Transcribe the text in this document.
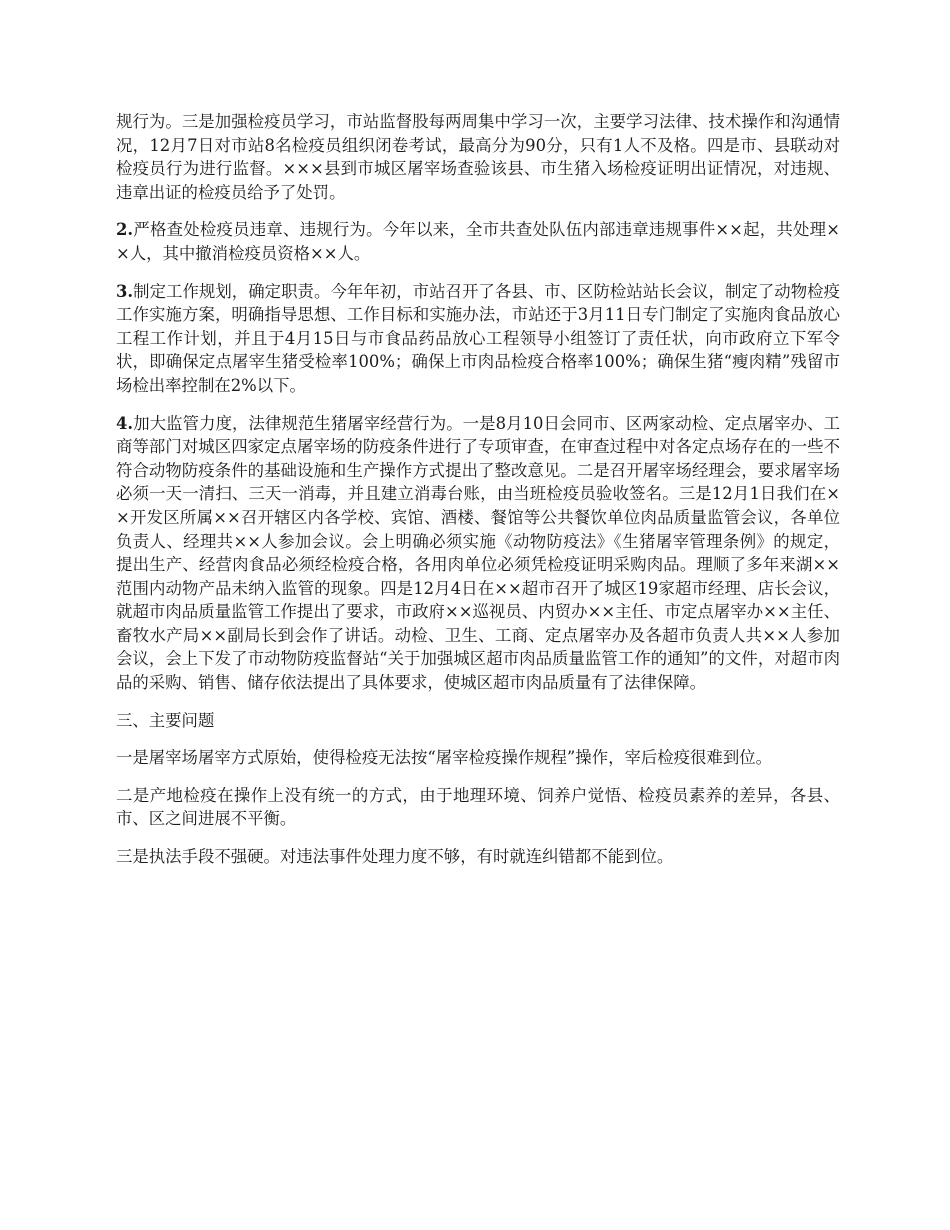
规行为。三是加强检疫员学习，市站监督股每两周集中学习一次，主要学习法律、技术操作和沟通情况，12月7日对市站8名检疫员组织闭卷考试，最高分为90分，只有1人不及格。四是市、县联动对检疫员行为进行监督。×××县到市城区屠宰场查验该县、市生猪入场检疫证明出证情况，对违规、违章出证的检疫员给予了处罚。

2.严格查处检疫员违章、违规行为。今年以来，全市共查处队伍内部违章违规事件××起，共处理××人，其中撤消检疫员资格××人。

3.制定工作规划，确定职责。今年年初，市站召开了各县、市、区防检站站长会议，制定了动物检疫工作实施方案，明确指导思想、工作目标和实施办法，市站还于3月11日专门制定了实施肉食品放心工程工作计划，并且于4月15日与市食品药品放心工程领导小组签订了责任状，向市政府立下军令状，即确保定点屠宰生猪受检率100%；确保上市肉品检疫合格率100%；确保生猪“瘦肉精”残留市场检出率控制在2%以下。

4.加大监管力度，法律规范生猪屠宰经营行为。一是8月10日会同市、区两家动检、定点屠宰办、工商等部门对城区四家定点屠宰场的防疫条件进行了专项审查，在审查过程中对各定点场存在的一些不符合动物防疫条件的基础设施和生产操作方式提出了整改意见。二是召开屠宰场经理会，要求屠宰场必须一天一清扫、三天一消毒，并且建立消毒台账，由当班检疫员验收签名。三是12月1日我们在××开发区所属××召开辖区内各学校、宾馆、酒楼、餐馆等公共餐饮单位肉品质量监管会议，各单位负责人、经理共××人参加会议。会上明确必须实施《动物防疫法》《生猪屠宰管理条例》的规定，提出生产、经营肉食品必须经检疫合格，各用肉单位必须凭检疫证明采购肉品。理顺了多年来湖××范围内动物产品未纳入监管的现象。四是12月4日在××超市召开了城区19家超市经理、店长会议，就超市肉品质量监管工作提出了要求，市政府××巡视员、内贸办××主任、市定点屠宰办××主任、畜牧水产局××副局长到会作了讲话。动检、卫生、工商、定点屠宰办及各超市负责人共××人参加会议，会上下发了市动物防疫监督站“关于加强城区超市肉品质量监管工作的通知”的文件，对超市肉品的采购、销售、储存依法提出了具体要求，使城区超市肉品质量有了法律保障。

三、主要问题

一是屠宰场屠宰方式原始，使得检疫无法按“屠宰检疫操作规程”操作，宰后检疫很难到位。

二是产地检疫在操作上没有统一的方式，由于地理环境、饲养户觉悟、检疫员素养的差异，各县、市、区之间进展不平衡。

三是执法手段不强硬。对违法事件处理力度不够，有时就连纠错都不能到位。
